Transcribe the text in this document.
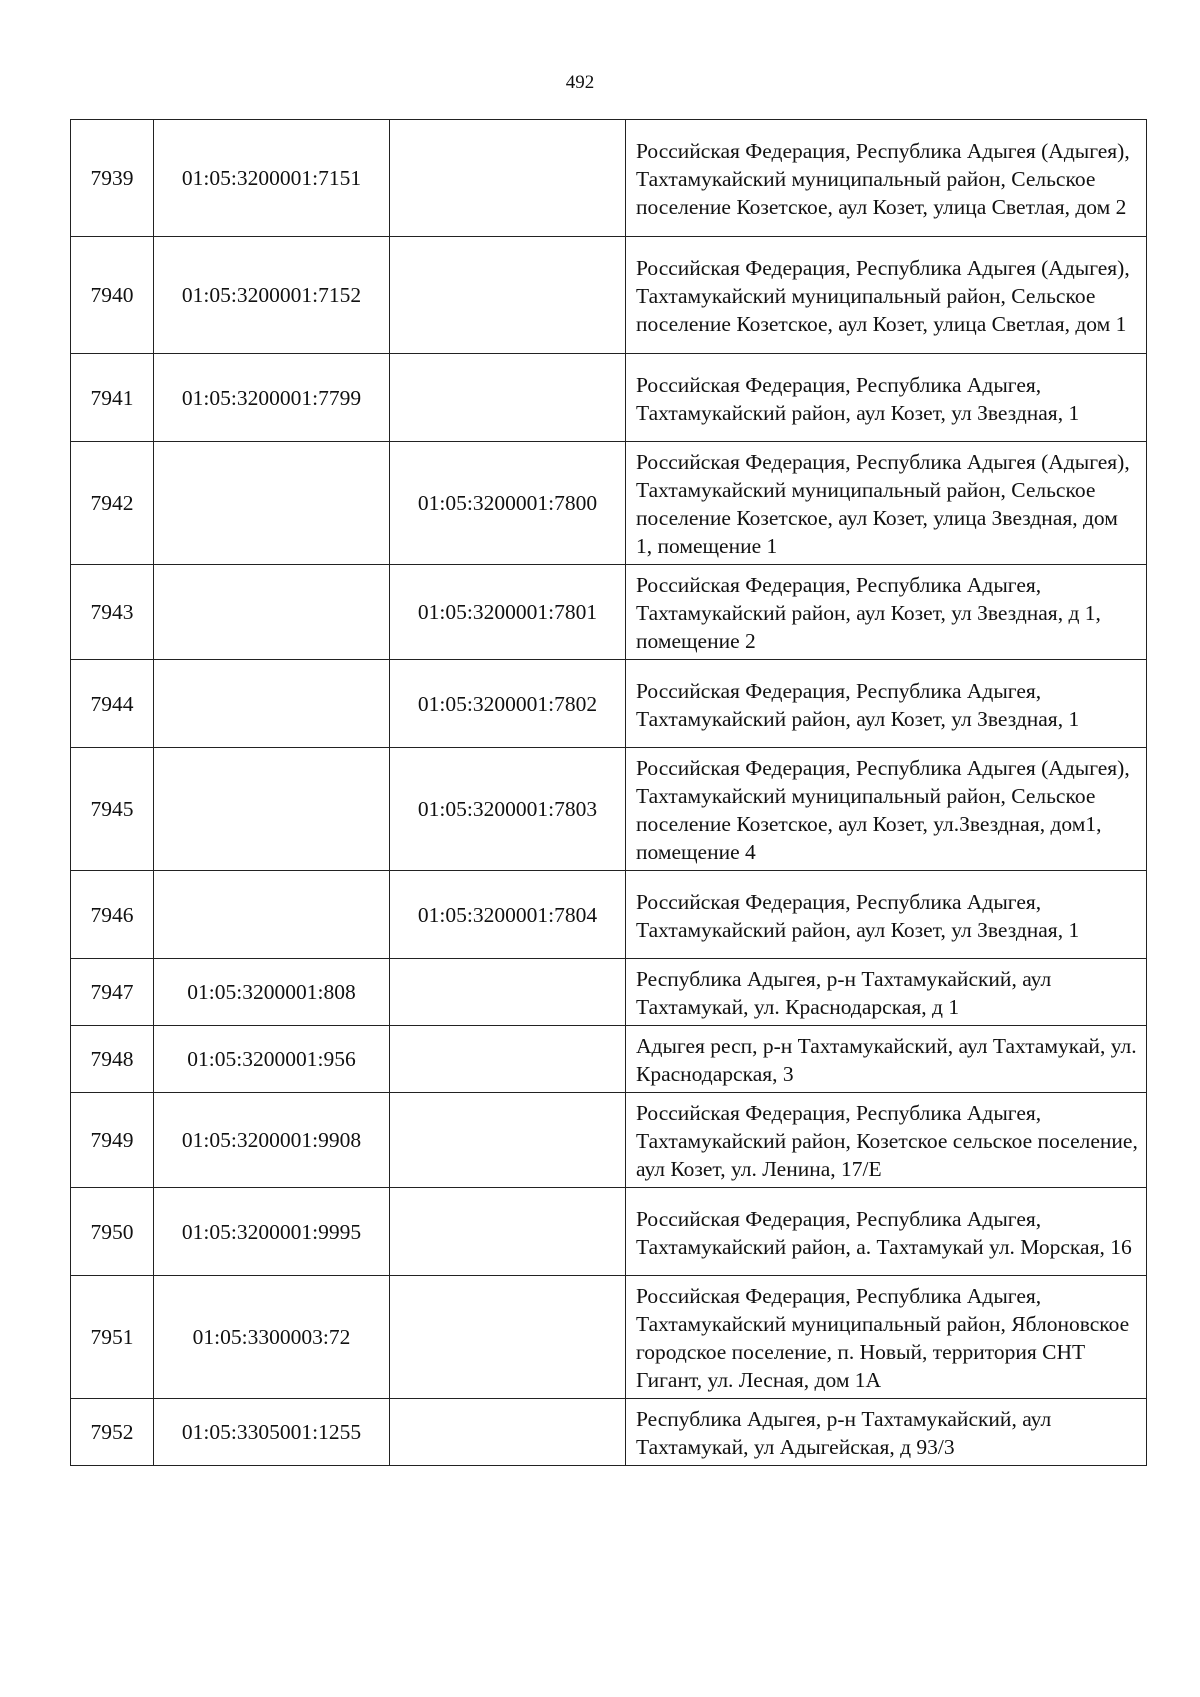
492
7939	01:05:3200001:7151		Российская Федерация, Республика Адыгея (Адыгея), Тахтамукайский муниципальный район, Сельское поселение Козетское, аул Козет, улица Светлая, дом 2
7940	01:05:3200001:7152		Российская Федерация, Республика Адыгея (Адыгея), Тахтамукайский муниципальный район, Сельское поселение Козетское, аул Козет, улица Светлая, дом 1
7941	01:05:3200001:7799		Российская Федерация, Республика Адыгея, Тахтамукайский район, аул Козет, ул Звездная, 1
7942		01:05:3200001:7800	Российская Федерация, Республика Адыгея (Адыгея), Тахтамукайский муниципальный район, Сельское поселение Козетское, аул Козет, улица Звездная, дом 1, помещение 1
7943		01:05:3200001:7801	Российская Федерация, Республика Адыгея, Тахтамукайский район, аул Козет, ул Звездная, д 1, помещение 2
7944		01:05:3200001:7802	Российская Федерация, Республика Адыгея, Тахтамукайский район, аул Козет, ул Звездная, 1
7945		01:05:3200001:7803	Российская Федерация, Республика Адыгея (Адыгея), Тахтамукайский муниципальный район, Сельское поселение Козетское, аул Козет, ул.Звездная, дом1, помещение 4
7946		01:05:3200001:7804	Российская Федерация, Республика Адыгея, Тахтамукайский район, аул Козет, ул Звездная, 1
7947	01:05:3200001:808		Республика Адыгея, р-н Тахтамукайский, аул Тахтамукай, ул. Краснодарская, д 1
7948	01:05:3200001:956		Адыгея респ, р-н Тахтамукайский, аул Тахтамукай, ул. Краснодарская, 3
7949	01:05:3200001:9908		Российская Федерация, Республика Адыгея, Тахтамукайский район, Козетское сельское поселение, аул Козет, ул. Ленина, 17/Е
7950	01:05:3200001:9995		Российская Федерация, Республика Адыгея, Тахтамукайский район, а. Тахтамукай ул. Морская, 16
7951	01:05:3300003:72		Российская Федерация, Республика Адыгея, Тахтамукайский муниципальный район, Яблоновское городское поселение, п. Новый, территория СНТ Гигант, ул. Лесная, дом 1А
7952	01:05:3305001:1255		Республика Адыгея, р-н Тахтамукайский, аул Тахтамукай, ул Адыгейская, д 93/3
